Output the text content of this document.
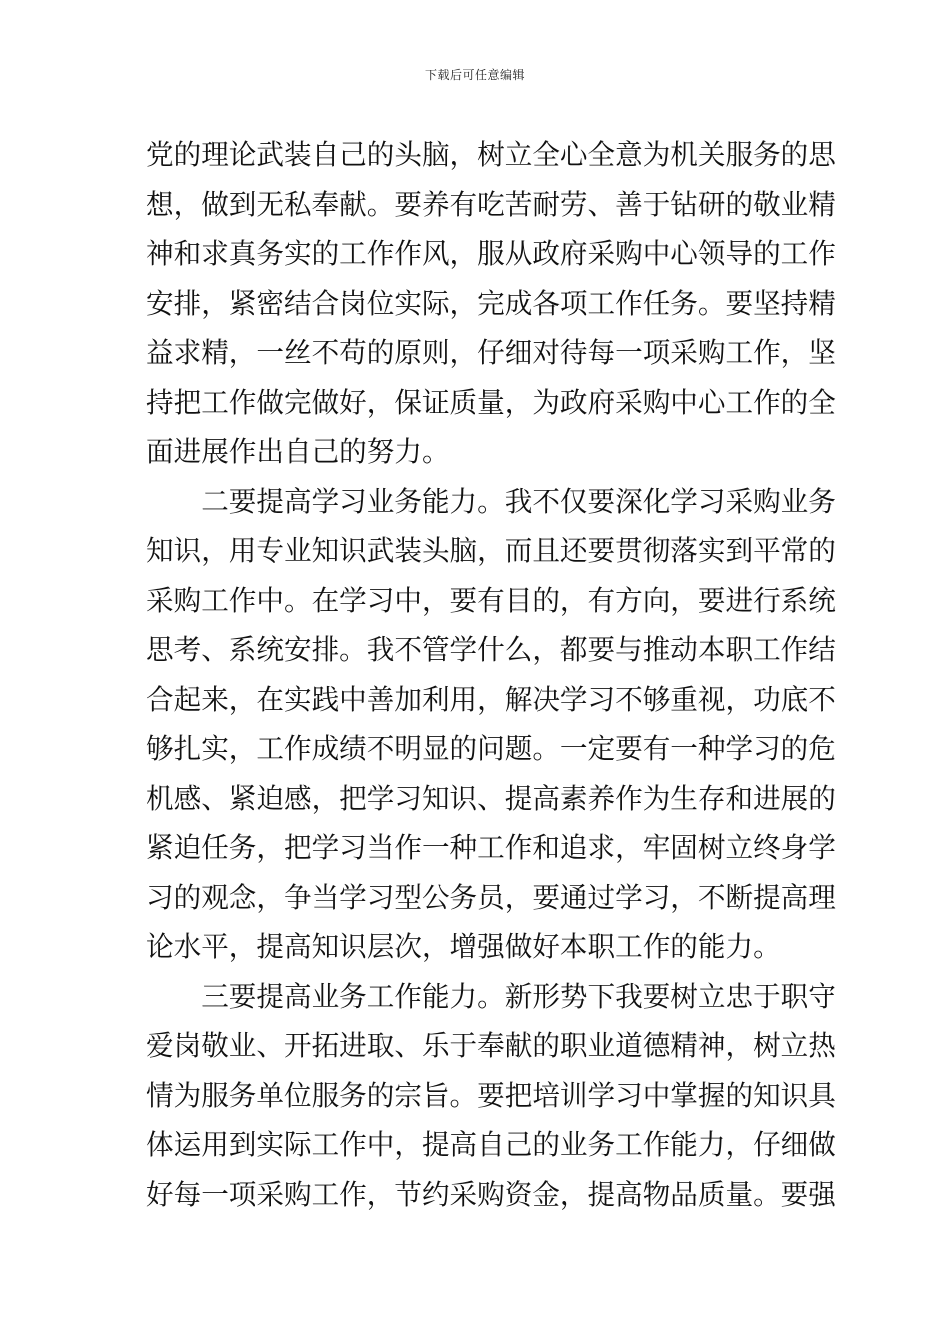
下载后可任意编辑
党的理论武装自己的头脑，树立全心全意为机关服务的思
想，做到无私奉献。要养有吃苦耐劳、善于钻研的敬业精
神和求真务实的工作作风，服从政府采购中心领导的工作
安排，紧密结合岗位实际，完成各项工作任务。要坚持精
益求精，一丝不苟的原则，仔细对待每一项采购工作，坚
持把工作做完做好，保证质量，为政府采购中心工作的全
面进展作出自己的努力。
　　二要提高学习业务能力。我不仅要深化学习采购业务
知识，用专业知识武装头脑，而且还要贯彻落实到平常的
采购工作中。在学习中，要有目的，有方向，要进行系统
思考、系统安排。我不管学什么，都要与推动本职工作结
合起来，在实践中善加利用，解决学习不够重视，功底不
够扎实，工作成绩不明显的问题。一定要有一种学习的危
机感、紧迫感，把学习知识、提高素养作为生存和进展的
紧迫任务，把学习当作一种工作和追求，牢固树立终身学
习的观念，争当学习型公务员，要通过学习，不断提高理
论水平，提高知识层次，增强做好本职工作的能力。
　　三要提高业务工作能力。新形势下我要树立忠于职守
爱岗敬业、开拓进取、乐于奉献的职业道德精神，树立热
情为服务单位服务的宗旨。要把培训学习中掌握的知识具
体运用到实际工作中，提高自己的业务工作能力，仔细做
好每一项采购工作，节约采购资金，提高物品质量。要强
